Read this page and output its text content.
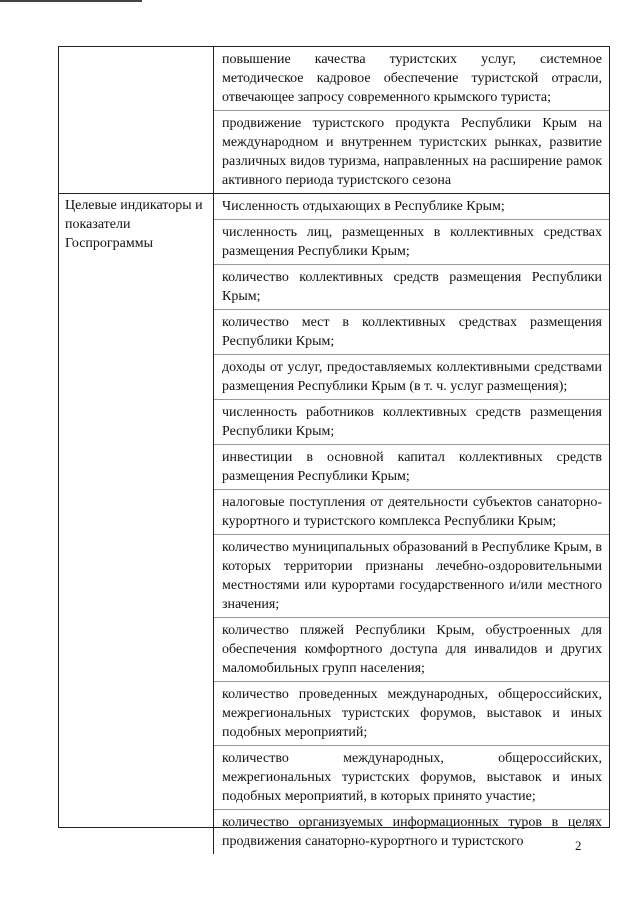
повышение качества туристских услуг, системное методическое кадровое обеспечение туристской отрасли, отвечающее запросу современного крымского туриста;
продвижение туристского продукта Республики Крым на международном и внутреннем туристских рынках, развитие различных видов туризма, направленных на расширение рамок активного периода туристского сезона
Целевые индикаторы и показатели Госпрограммы
Численность отдыхающих в Республике Крым;
численность лиц, размещенных в коллективных средствах размещения Республики Крым;
количество коллективных средств размещения Республики Крым;
количество мест в коллективных средствах размещения Республики Крым;
доходы от услуг, предоставляемых коллективными средствами размещения Республики Крым (в т. ч. услуг размещения);
численность работников коллективных средств размещения Республики Крым;
инвестиции в основной капитал коллективных средств размещения Республики Крым;
налоговые поступления от деятельности субъектов санаторно-курортного и туристского комплекса Республики Крым;
количество муниципальных образований в Республике Крым, в которых территории признаны лечебно-оздоровительными местностями или курортами государственного и/или местного значения;
количество пляжей Республики Крым, обустроенных для обеспечения комфортного доступа для инвалидов и других маломобильных групп населения;
количество проведенных международных, общероссийских, межрегиональных туристских форумов, выставок и иных подобных мероприятий;
количество международных, общероссийских, межрегиональных туристских форумов, выставок и иных подобных мероприятий, в которых принято участие;
количество организуемых информационных туров в целях продвижения санаторно-курортного и туристского	2
